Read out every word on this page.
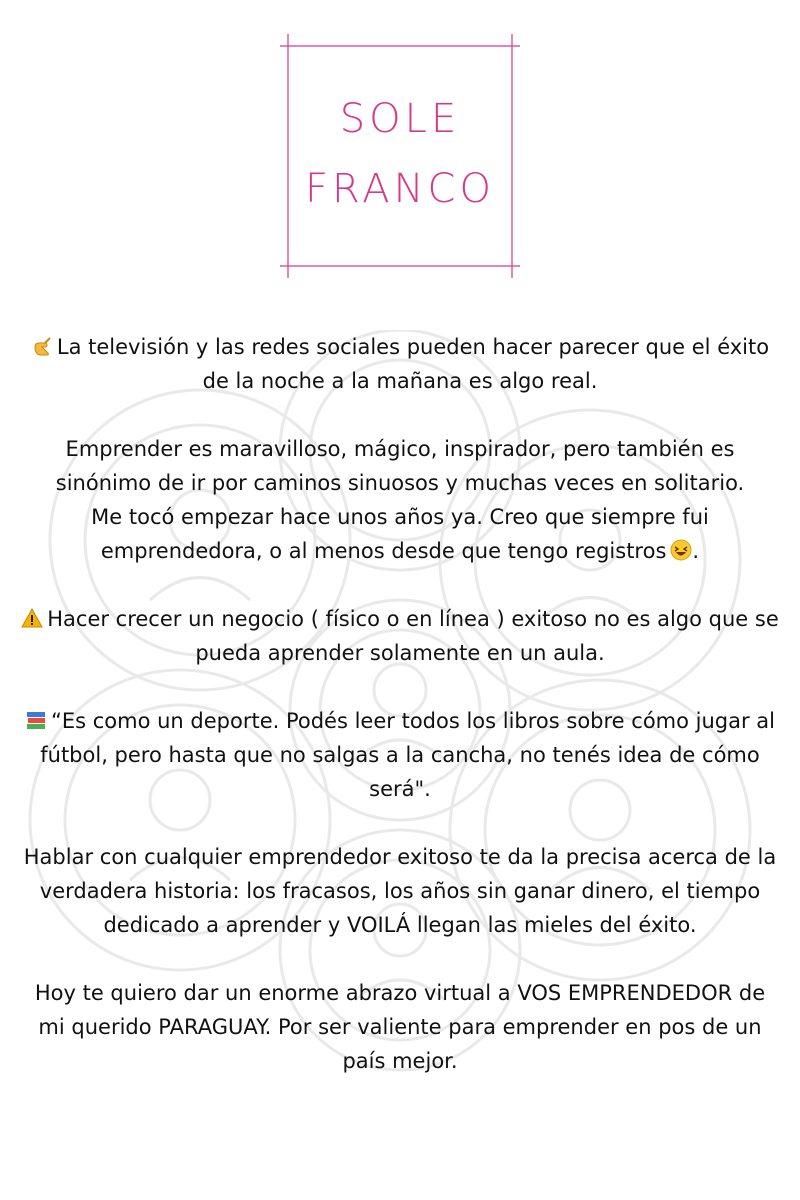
SOLE
FRANCO

La televisión y las redes sociales pueden hacer parecer que el éxito de la noche a la mañana es algo real.

Emprender es maravilloso, mágico, inspirador, pero también es sinónimo de ir por caminos sinuosos y muchas veces en solitario.

Me tocó empezar hace unos años ya. Creo que siempre fui emprendedora, o al menos desde que tengo registros .

Hacer crecer un negocio ( físico o en línea ) exitoso no es algo que se pueda aprender solamente en un aula.

“Es como un deporte. Podés leer todos los libros sobre cómo jugar al fútbol, pero hasta que no salgas a la cancha, no tenés idea de cómo será".

Hablar con cualquier emprendedor exitoso te da la precisa acerca de la verdadera historia: los fracasos, los años sin ganar dinero, el tiempo dedicado a aprender y VOILÁ llegan las mieles del éxito.

Hoy te quiero dar un enorme abrazo virtual a VOS EMPRENDEDOR de mi querido PARAGUAY. Por ser valiente para emprender en pos de un país mejor.
